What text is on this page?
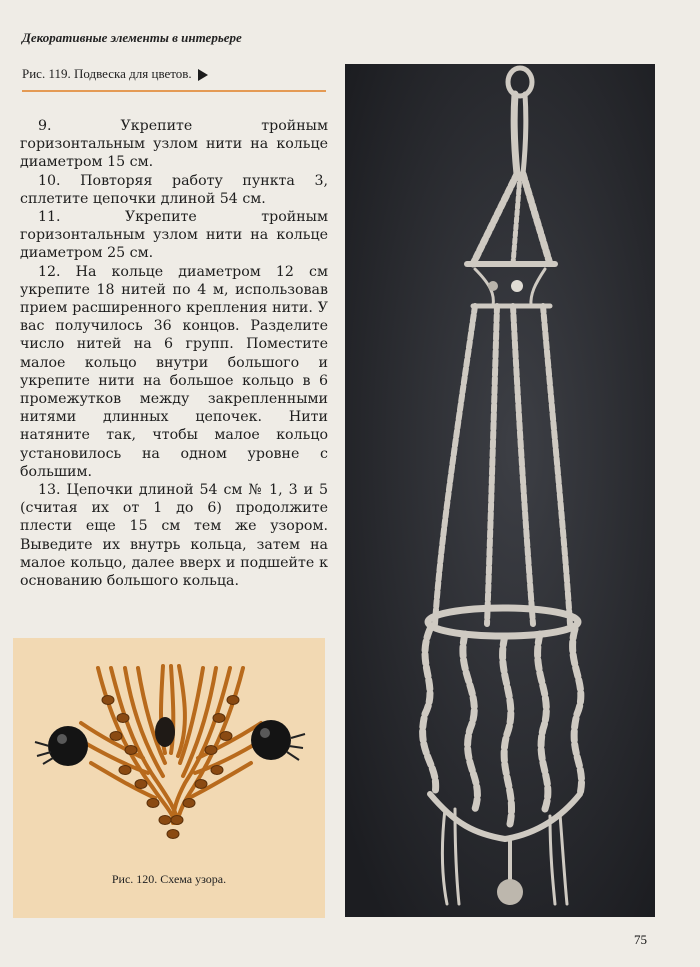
Декоративные элементы в интерьере
Рис. 119. Подвеска для цветов.

9. Укрепите тройным горизонтальным узлом нити на кольце диаметром 15 см.

10. Повторяя работу пункта 3, сплетите цепочки длиной 54 см.

11. Укрепите тройным горизонтальным узлом нити на кольце диаметром 25 см.

12. На кольце диаметром 12 см укрепите 18 нитей по 4 м, использовав прием расширенного крепления нити. У вас получилось 36 концов. Разделите число нитей на 6 групп. Поместите малое кольцо внутри большого и укрепите нити на большое кольцо в 6 промежутков между закрепленными нитями длинных цепочек. Нити натяните так, чтобы малое кольцо установилось на одном уровне с большим.

13. Цепочки длиной 54 см № 1, 3 и 5 (считая их от 1 до 6) продолжите плести еще 15 см тем же узором. Выведите их внутрь кольца, затем на малое кольцо, далее вверх и подшейте к основанию большого кольца.

Рис. 120. Схема узора.
75
